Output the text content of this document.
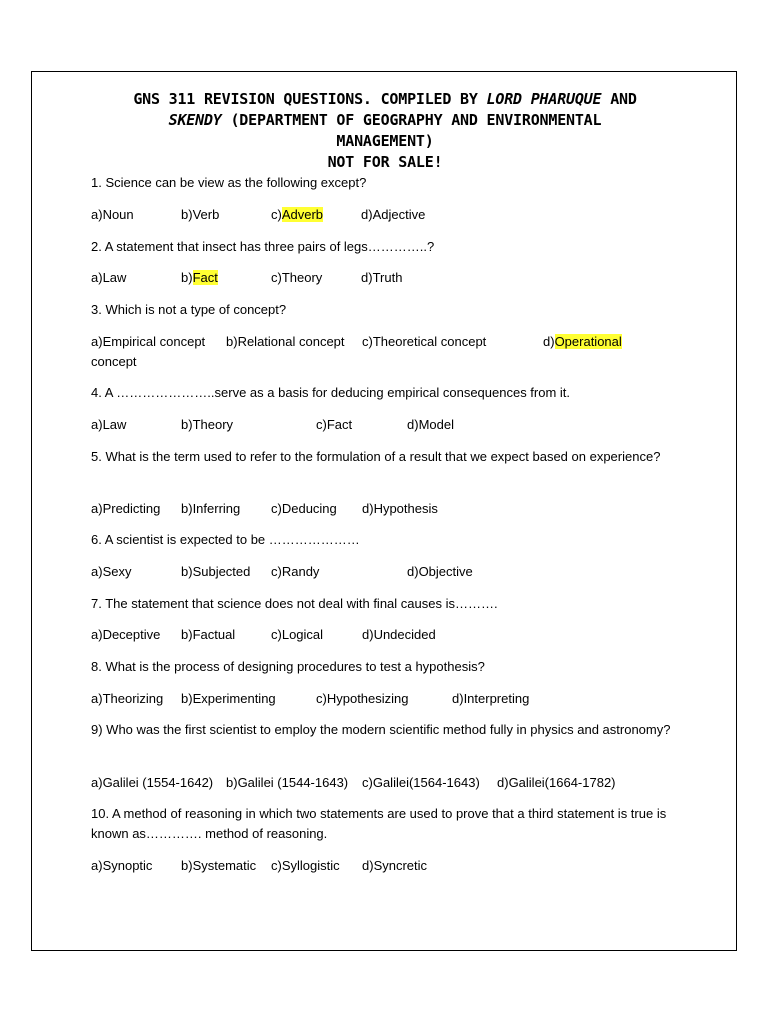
GNS 311 REVISION QUESTIONS. COMPILED BY LORD PHARUQUE AND
SKENDY (DEPARTMENT OF GEOGRAPHY AND ENVIRONMENTAL
MANAGEMENT)
NOT FOR SALE!
1. Science can be view as the following except?
a)Noun	b)Verb	c)Adverb	d)Adjective
2. A statement that insect has three pairs of legs…………..?
a)Law	b)Fact	c)Theory	d)Truth
3. Which is not a type of concept?
a)Empirical concept b)Relational concept c)Theoretical concept	d)Operational
concept
4. A …………………..serve as a basis for deducing empirical consequences from it.
a)Law	b)Theory	c)Fact	d)Model
5. What is the term used to refer to the formulation of a result that we expect based on experience?
a)Predicting b)Inferring c)Deducing d)Hypothesis
6. A scientist is expected to be …………………
a)Sexy	b)Subjected c)Randy	d)Objective
7. The statement that science does not deal with final causes is……….
a)Deceptive b)Factual	c)Logical	d)Undecided
8. What is the process of designing procedures to test a hypothesis?
a)Theorizing b)Experimenting	c)Hypothesizing	d)Interpreting
9) Who was the first scientist to employ the modern scientific method fully in physics and astronomy?
a)Galilei (1554-1642) b)Galilei (1544-1643) c)Galilei(1564-1643) d)Galilei(1664-1782)
10. A method of reasoning in which two statements are used to prove that a third statement is true is known as…………. method of reasoning.
a)Synoptic b)Systematic c)Syllogistic d)Syncretic
